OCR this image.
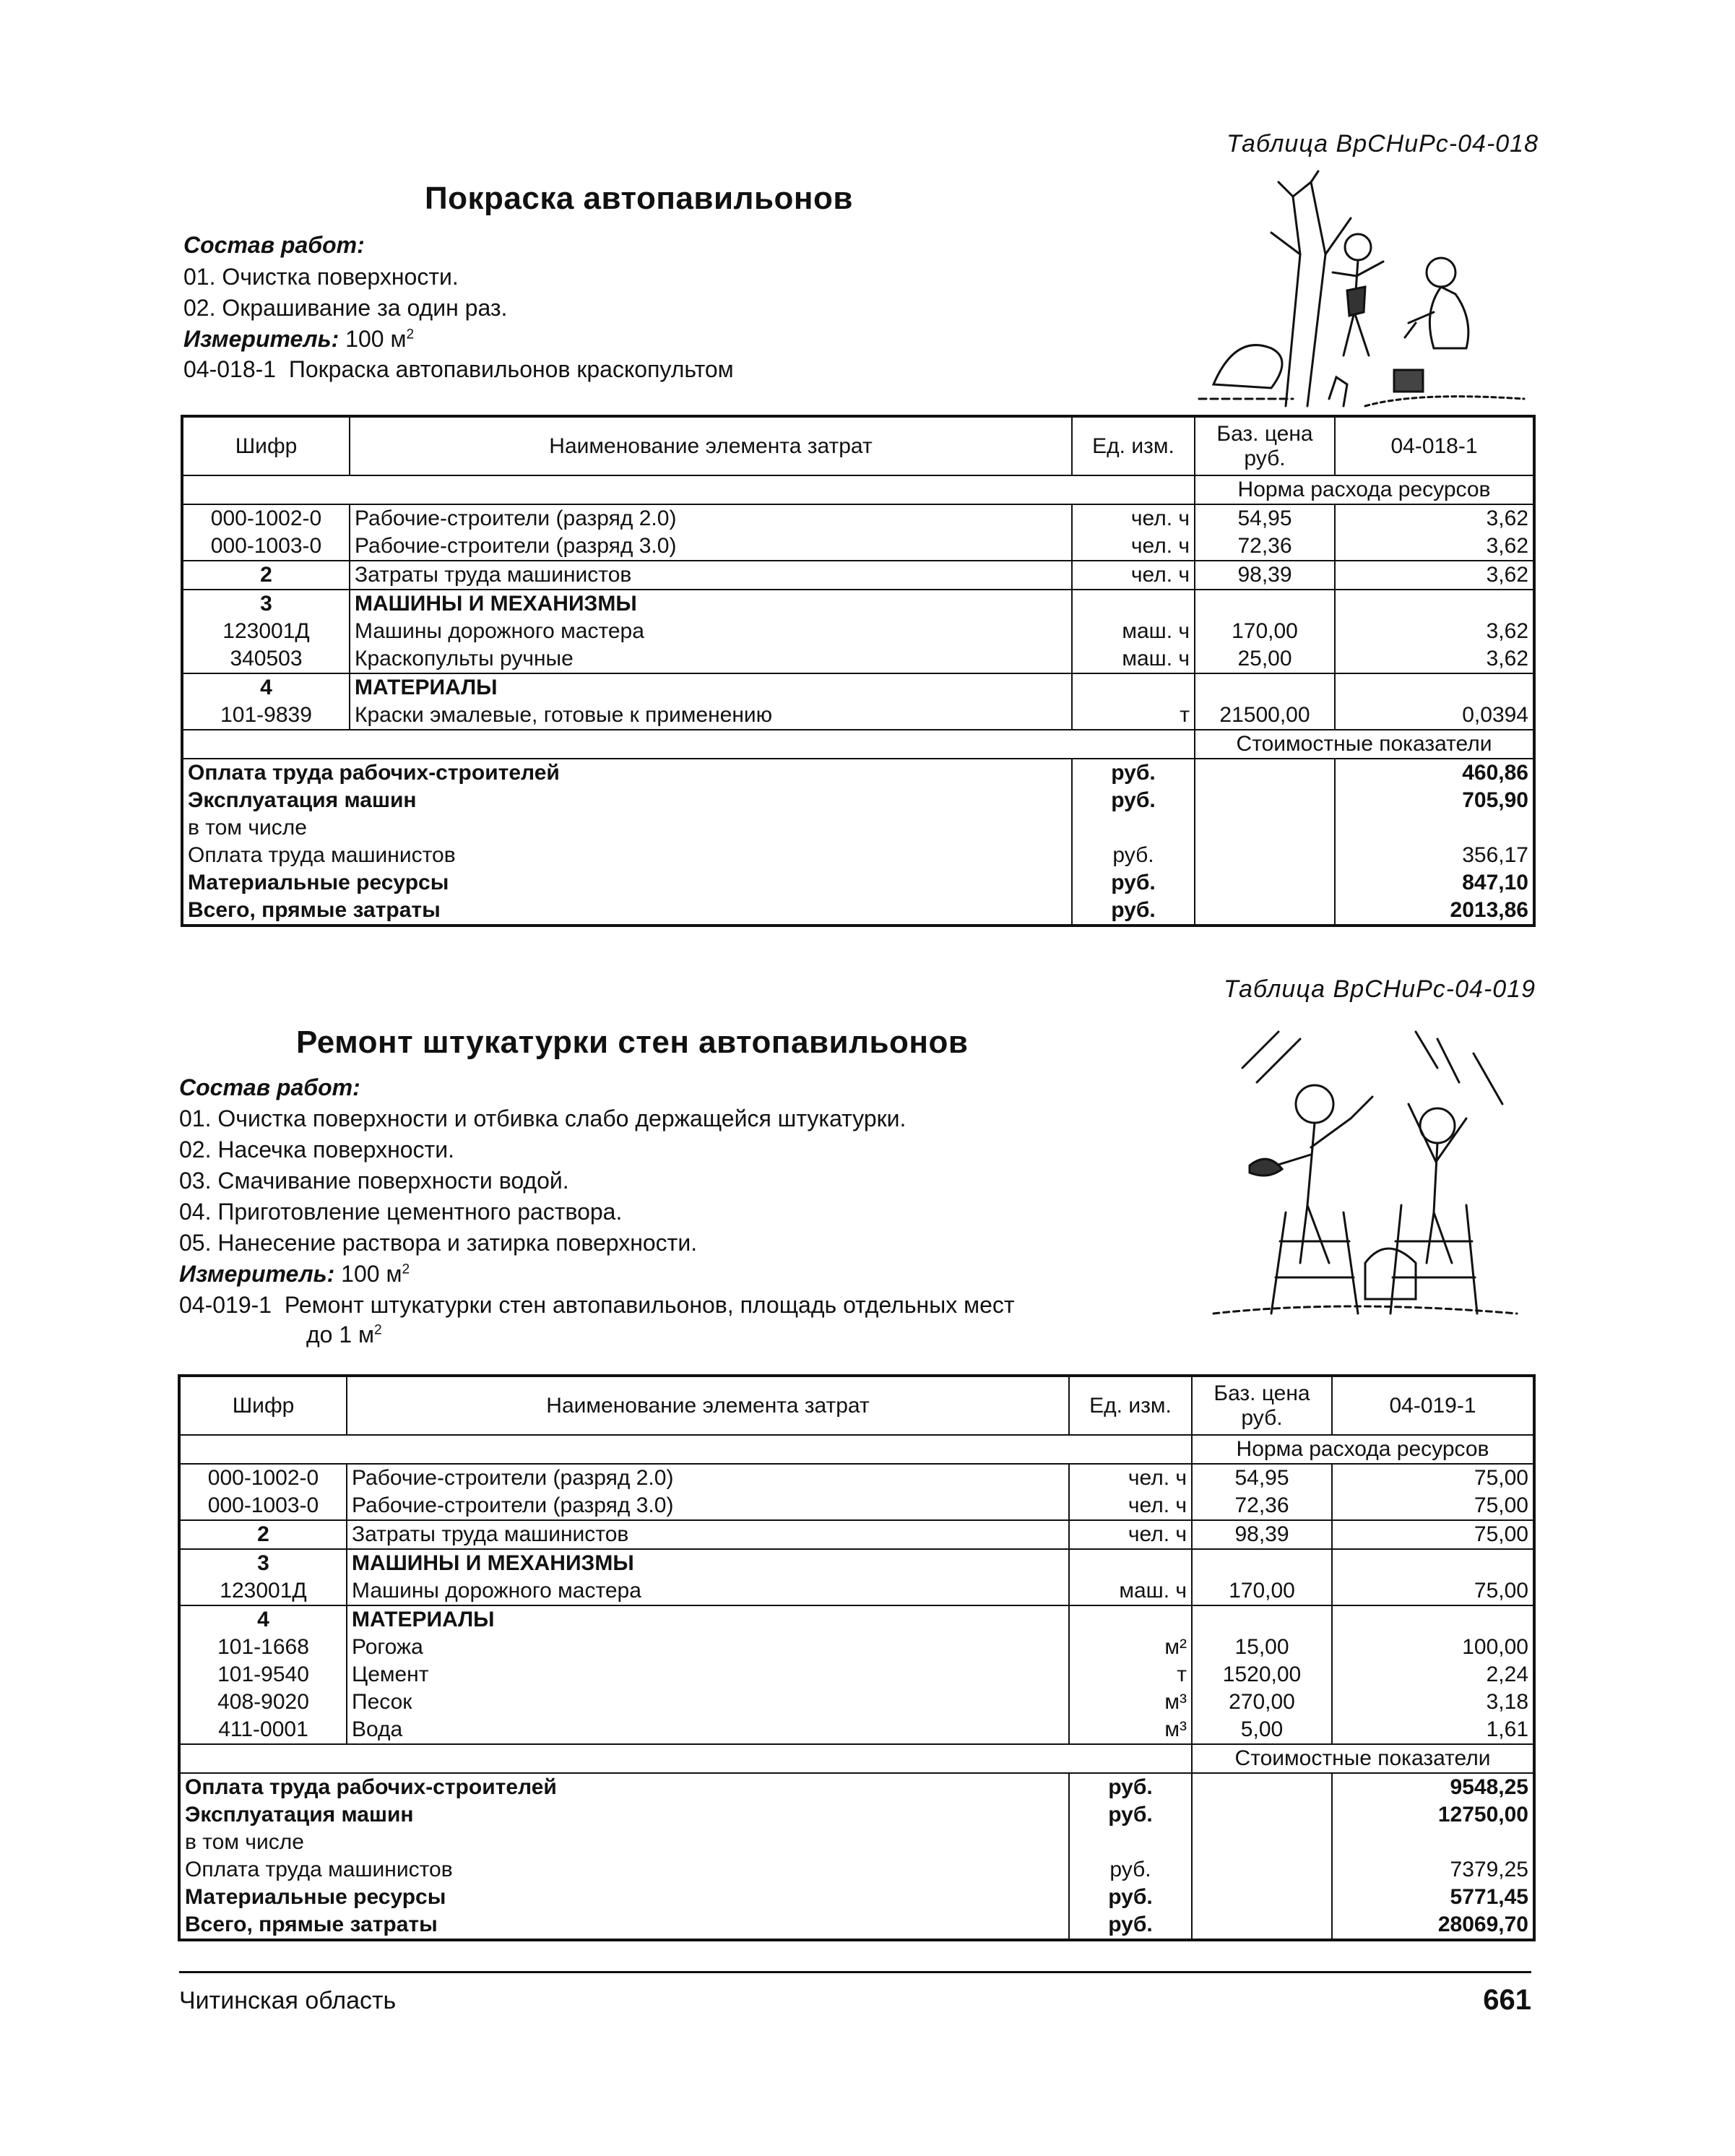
Таблица ВрСНиРс-04-018
Покраска автопавильонов
Состав работ:
01. Очистка поверхности.
02. Окрашивание за один раз.
Измеритель: 100 $м^2$
04-018-1 Покраска автопавильонов краскопультом
Шифр	Наименование элемента затрат	Ед. изм.	Баз. цена руб.	04-018-1
			Норма расхода ресурсов	
000-1002-0	Рабочие-строители (разряд 2.0)	чел. ч	54,95	3,62
000-1003-0	Рабочие-строители (разряд 3.0)	чел. ч	72,36	3,62
2	Затраты труда машинистов	чел. ч	98,39	3,62
3	МАШИНЫ И МЕХАНИЗМЫ			
123001Д	Машины дорожного мастера	маш. ч	170,00	3,62
340503	Краскопульты ручные	маш. ч	25,00	3,62
4	МАТЕРИАЛЫ			
101-9839	Краски эмалевые, готовые к применению	т	21500,00	0,0394
			Стоимостные показатели	
Оплата труда рабочих-строителей		руб.		460,86
Эксплуатация машин		руб.		705,90
в том числе				
Оплата труда машинистов		руб.		356,17
Материальные ресурсы		руб.		847,10
Всего, прямые затраты		руб.		2013,86
Таблица ВрСНиРс-04-019
Ремонт штукатурки стен автопавильонов
Состав работ:
01. Очистка поверхности и отбивка слабо держащейся штукатурки.
02. Насечка поверхности.
03. Смачивание поверхности водой.
04. Приготовление цементного раствора.
05. Нанесение раствора и затирка поверхности.
Измеритель: 100 $м^2$
04-019-1 Ремонт штукатурки стен автопавильонов, площадь отдельных мест
до 1 $м^2$
Шифр	Наименование элемента затрат	Ед. изм.	Баз. цена руб.	04-019-1
			Норма расхода ресурсов	
000-1002-0	Рабочие-строители (разряд 2.0)	чел. ч	54,95	75,00
000-1003-0	Рабочие-строители (разряд 3.0)	чел. ч	72,36	75,00
2	Затраты труда машинистов	чел. ч	98,39	75,00
3	МАШИНЫ И МЕХАНИЗМЫ			
123001Д	Машины дорожного мастера	маш. ч	170,00	75,00
4	МАТЕРИАЛЫ			
101-1668	Рогожа	м²	15,00	100,00
101-9540	Цемент	т	1520,00	2,24
408-9020	Песок	м³	270,00	3,18
411-0001	Вода	м³	5,00	1,61
			Стоимостные показатели	
Оплата труда рабочих-строителей		руб.		9548,25
Эксплуатация машин		руб.		12750,00
в том числе				
Оплата труда машинистов		руб.		7379,25
Материальные ресурсы		руб.		5771,45
Всего, прямые затраты		руб.		28069,70
Читинская область	661
